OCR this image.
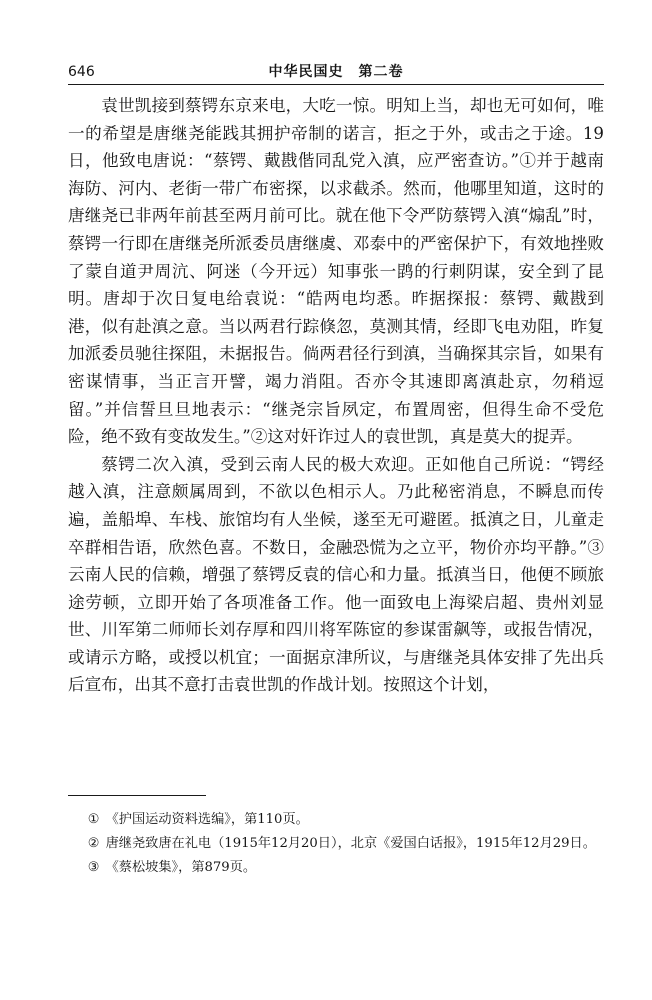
646	中华民国史　第二卷

袁世凯接到蔡锷东京来电，大吃一惊。明知上当，却也无可如何，唯一的希望是唐继尧能践其拥护帝制的诺言，拒之于外，或击之于途。19日，他致电唐说：“蔡锷、戴戡偕同乱党入滇，应严密查访。”①并于越南海防、河内、老街一带广布密探，以求截杀。然而，他哪里知道，这时的唐继尧已非两年前甚至两月前可比。就在他下令严防蔡锷入滇“煽乱”时，蔡锷一行即在唐继尧所派委员唐继虞、邓泰中的严密保护下，有效地挫败了蒙自道尹周沆、阿迷（今开远）知事张一鹍的行刺阴谋，安全到了昆明。唐却于次日复电给袁说：“皓两电均悉。昨据探报：蔡锷、戴戡到港，似有赴滇之意。当以两君行踪倏忽，莫测其情，经即飞电劝阻，昨复加派委员驰往探阻，未据报告。倘两君径行到滇，当确探其宗旨，如果有密谋情事，当正言开譬，竭力消阻。否亦令其速即离滇赴京，勿稍逗留。”并信誓旦旦地表示：“继尧宗旨夙定，布置周密，但得生命不受危险，绝不致有变故发生。”②这对奸诈过人的袁世凯，真是莫大的捉弄。

蔡锷二次入滇，受到云南人民的极大欢迎。正如他自己所说：“锷经越入滇，注意颇属周到，不欲以色相示人。乃此秘密消息，不瞬息而传遍，盖船埠、车栈、旅馆均有人坐候，遂至无可避匿。抵滇之日，儿童走卒群相告语，欣然色喜。不数日，金融恐慌为之立平，物价亦均平静。”③云南人民的信赖，增强了蔡锷反袁的信心和力量。抵滇当日，他便不顾旅途劳顿，立即开始了各项准备工作。他一面致电上海梁启超、贵州刘显世、川军第二师师长刘存厚和四川将军陈宧的参谋雷飙等，或报告情况，或请示方略，或授以机宜；一面据京津所议，与唐继尧具体安排了先出兵后宣布，出其不意打击袁世凯的作战计划。按照这个计划，

① 《护国运动资料选编》，第110页。

② 唐继尧致唐在礼电（1915年12月20日），北京《爱国白话报》，1915年12月29日。

③ 《蔡松坡集》，第879页。
